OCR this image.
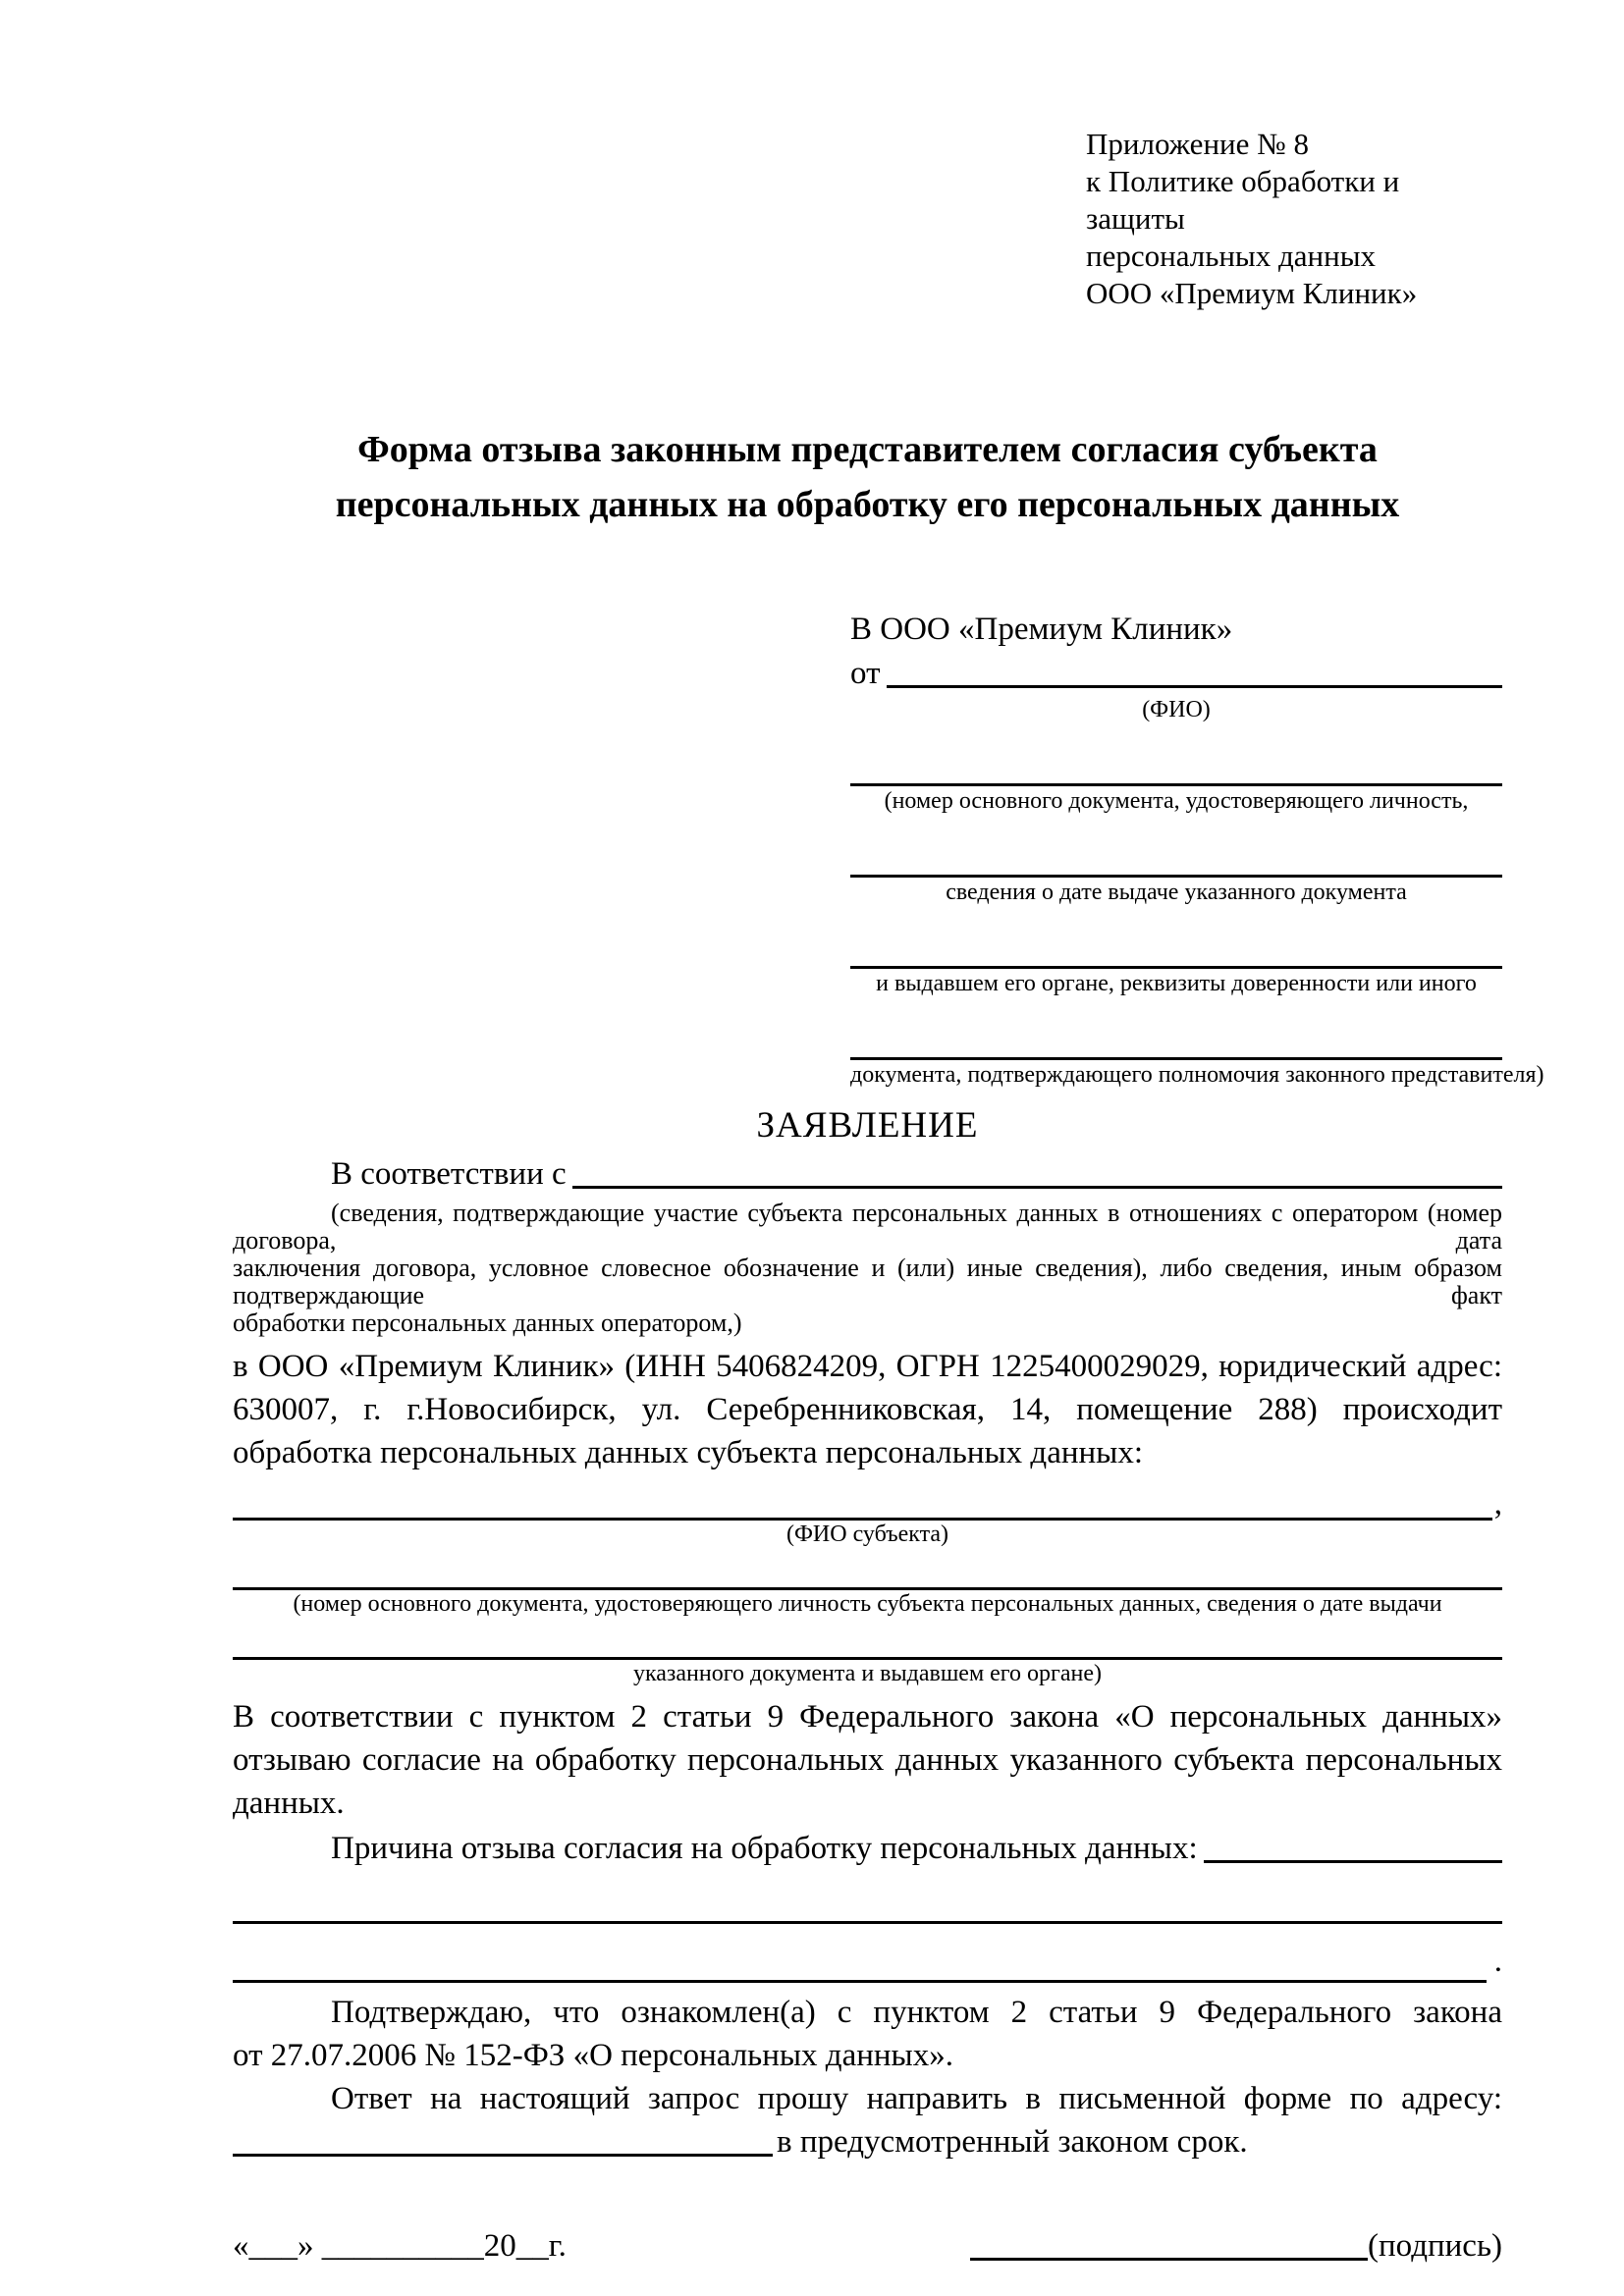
Приложение № 8
к Политике обработки и защиты
персональных данных
ООО «Премиум Клиник»
Форма отзыва законным представителем согласия субъекта персональных данных на обработку его персональных данных
В ООО «Премиум Клиник»
от
(ФИО)
(номер основного документа, удостоверяющего личность,
сведения о дате выдаче указанного документа
и выдавшем его органе, реквизиты доверенности или иного
документа, подтверждающего полномочия законного представителя)
ЗАЯВЛЕНИЕ
В соответствии с
(сведения, подтверждающие участие субъекта персональных данных в отношениях с оператором (номер договора, дата
заключения договора, условное словесное обозначение и (или) иные сведения), либо сведения, иным образом подтверждающие факт
обработки персональных данных оператором,)
в ООО «Премиум Клиник» (ИНН 5406824209, ОГРН 1225400029029, юридический адрес:
630007, г. г.Новосибирск, ул. Серебренниковская, 14, помещение 288) происходит
обработка персональных данных субъекта персональных данных:
,
(ФИО субъекта)
(номер основного документа, удостоверяющего личность субъекта персональных данных, сведения о дате выдачи
указанного документа и выдавшем его органе)
В соответствии с пунктом 2 статьи 9 Федерального закона «О персональных данных»
отзываю согласие на обработку персональных данных указанного субъекта персональных
данных.
Причина отзыва согласия на обработку персональных данных:
.
Подтверждаю, что ознакомлен(а) с пунктом 2 статьи 9 Федерального закона
от 27.07.2006 № 152-ФЗ «О персональных данных».
Ответ на настоящий запрос прошу направить в письменной форме по адресу:
в предусмотренный законом срок.
«___» __________20__г.	(подпись)
